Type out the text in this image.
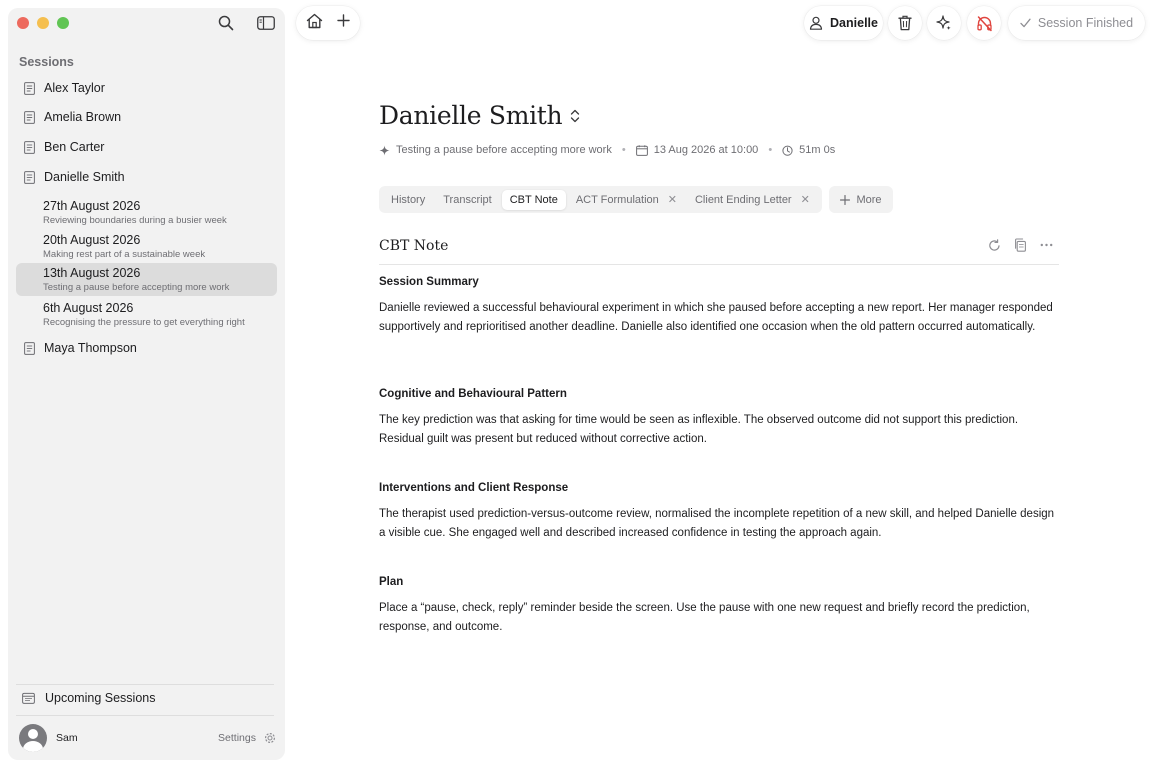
Sessions
Alex Taylor
Amelia Brown
Ben Carter
Danielle Smith
27th August 2026
Reviewing boundaries during a busier week
20th August 2026
Making rest part of a sustainable week
13th August 2026
Testing a pause before accepting more work
6th August 2026
Recognising the pressure to get everything right
Maya Thompson
Upcoming Sessions
Sam	Settings
Danielle	Session Finished
Danielle Smith
Testing a pause before accepting more work •	13 Aug 2026 at 10:00 • 51m 0s
History Transcript CBT Note ACT Formulation ✕ Client Ending Letter ✕	More
CBT Note
Session Summary

Danielle reviewed a successful behavioural experiment in which she paused before accepting a new report. Her manager responded supportively and reprioritised another deadline. Danielle also identified one occasion when the old pattern occurred automatically.

Cognitive and Behavioural Pattern

The key prediction was that asking for time would be seen as inflexible. The observed outcome did not support this prediction. Residual guilt was present but reduced without corrective action.

Interventions and Client Response

The therapist used prediction-versus-outcome review, normalised the incomplete repetition of a new skill, and helped Danielle design a visible cue. She engaged well and described increased confidence in testing the approach again.

Plan

Place a “pause, check, reply” reminder beside the screen. Use the pause with one new request and briefly record the prediction, response, and outcome.
